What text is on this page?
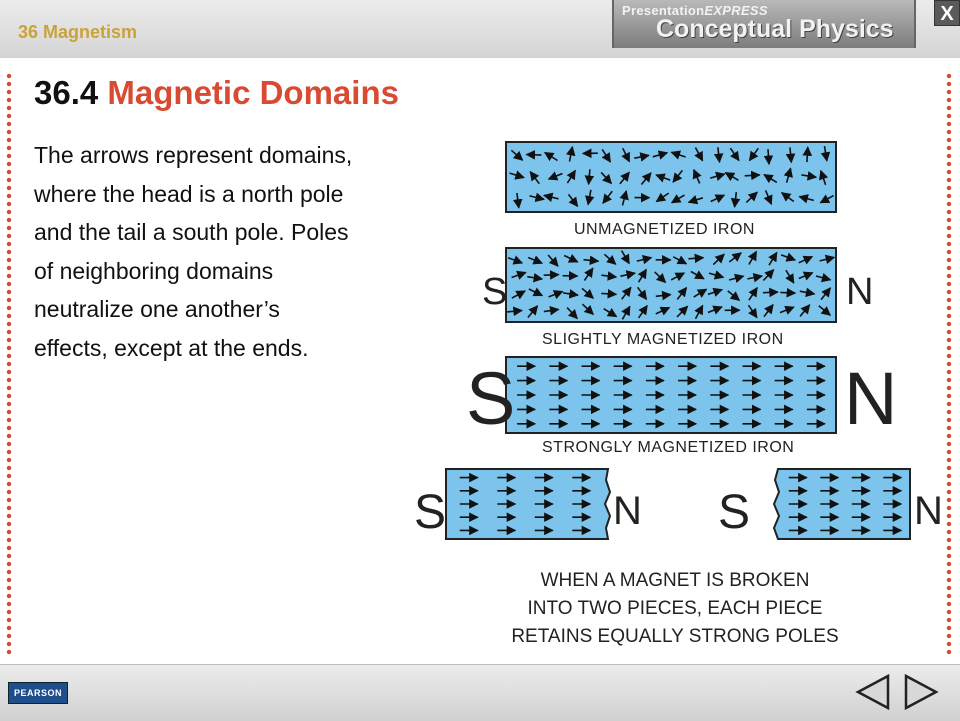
36 Magnetism
PresentationEXPRESS
Conceptual Physics
X
36.4 Magnetic Domains

The arrows represent domains, where the head is a north pole and the tail a south pole. Poles of neighboring domains neutralize one another’s effects, except at the ends.

S	N
S	N
S	N S	N
UNMAGNETIZED IRON
SLIGHTLY MAGNETIZED IRON
STRONGLY MAGNETIZED IRON
WHEN A MAGNET IS BROKEN
INTO TWO PIECES, EACH PIECE
RETAINS EQUALLY STRONG POLES
PEARSON
